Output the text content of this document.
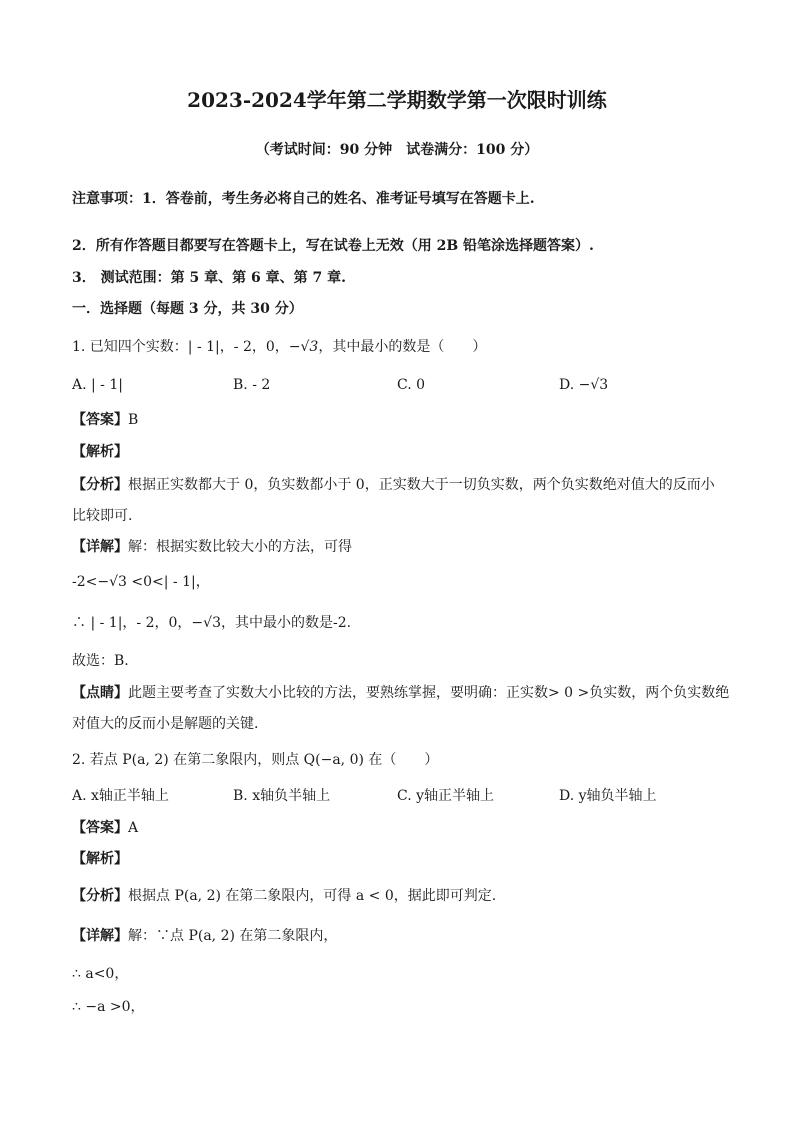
2023-2024学年第二学期数学第一次限时训练
（考试时间：90 分钟　试卷满分：100 分）
注意事项：1．答卷前，考生务必将自己的姓名、准考证号填写在答题卡上.
2．所有作答题目都要写在答题卡上，写在试卷上无效（用 2B 铅笔涂选择题答案）.
3． 测试范围：第 5 章、第 6 章、第 7 章.
一．选择题（每题 3 分，共 30 分）
1. 已知四个实数：| - 1|，- 2，0，−√3，其中最小的数是（　　）
A. | - 1|	B. - 2	C. 0	D. −√3
【答案】B
【解析】
【分析】根据正实数都大于 0，负实数都小于 0，正实数大于一切负实数，两个负实数绝对值大的反而小
比较即可.
【详解】解：根据实数比较大小的方法，可得
-2<−√3 <0<| - 1|，
∴ | - 1|，- 2，0，−√3，其中最小的数是-2.
故选：B.
【点睛】此题主要考查了实数大小比较的方法，要熟练掌握，要明确：正实数> 0 >负实数，两个负实数绝
对值大的反而小是解题的关键.
2. 若点 P(a, 2) 在第二象限内，则点 Q(−a, 0) 在（　　）
A. x轴正半轴上	B. x轴负半轴上	C. y轴正半轴上	D. y轴负半轴上
【答案】A
【解析】
【分析】根据点 P(a, 2) 在第二象限内，可得 a < 0，据此即可判定.
【详解】解：∵点 P(a, 2) 在第二象限内，
∴ a<0，
∴ −a >0，
